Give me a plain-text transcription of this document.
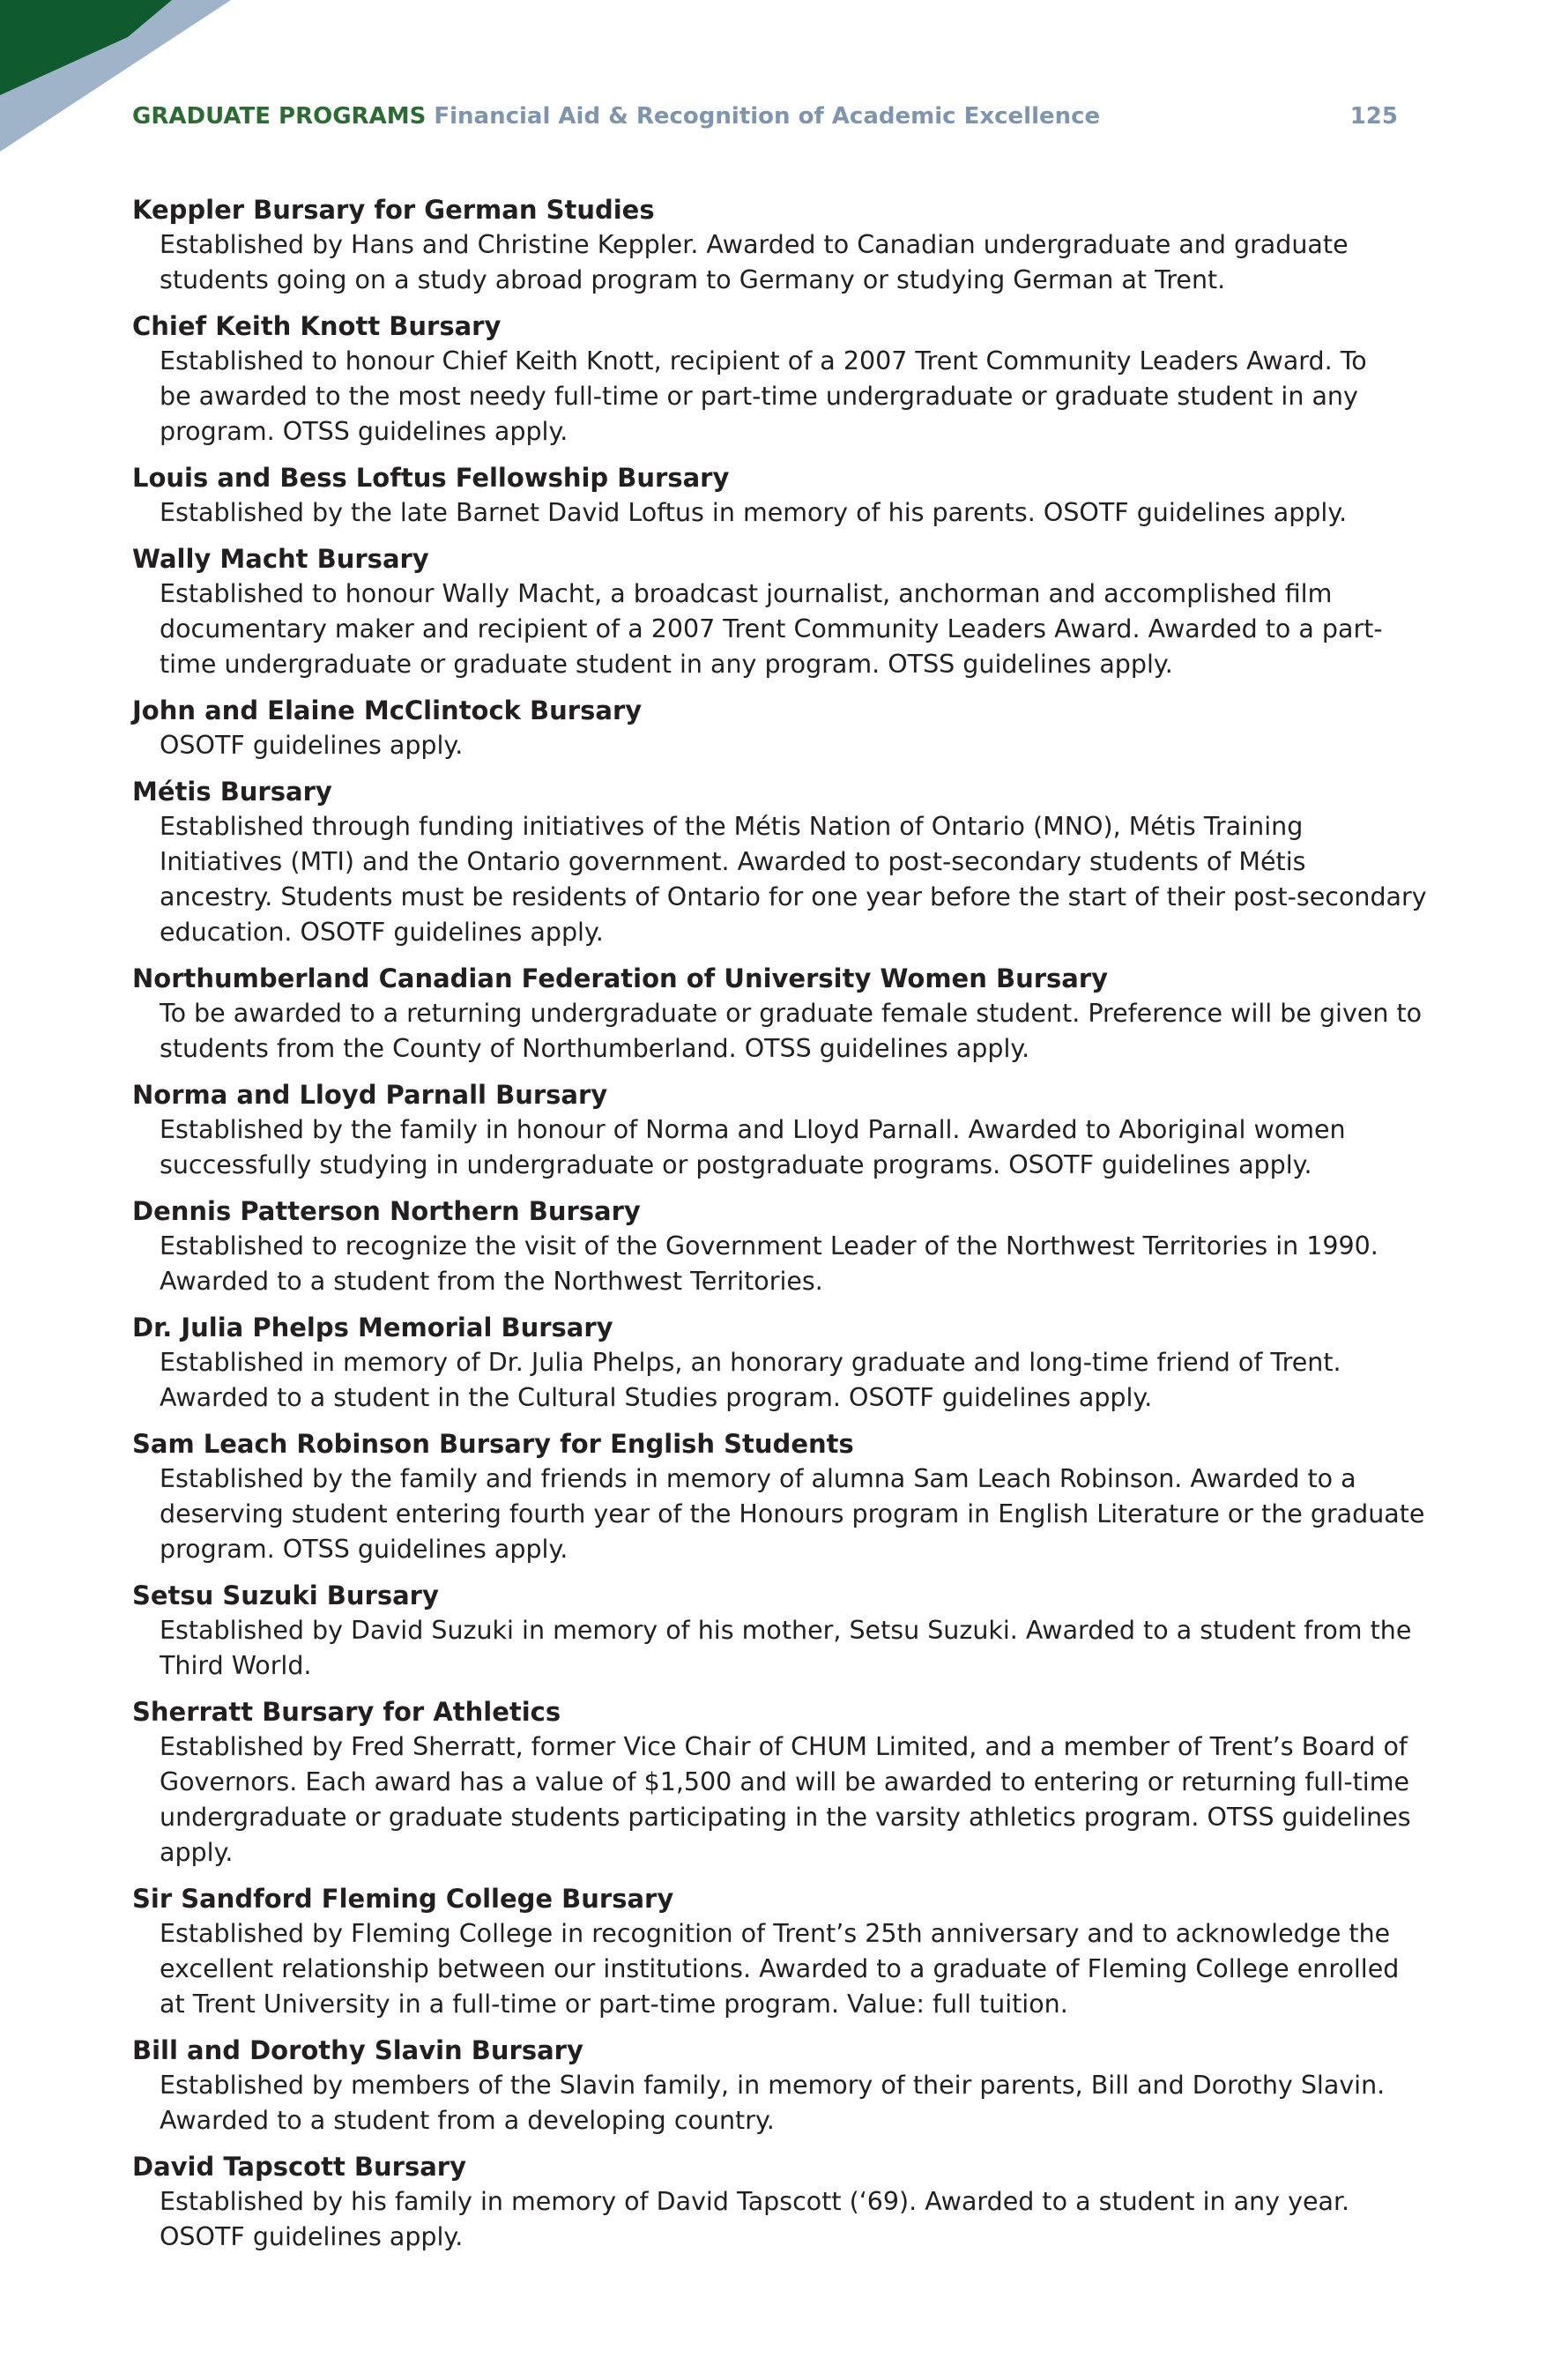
GRADUATE PROGRAMS Financial Aid & Recognition of Academic Excellence	125
Keppler Bursary for German Studies
Established by Hans and Christine Keppler. Awarded to Canadian undergraduate and graduate
students going on a study abroad program to Germany or studying German at Trent.
Chief Keith Knott Bursary
Established to honour Chief Keith Knott, recipient of a 2007 Trent Community Leaders Award. To
be awarded to the most needy full-time or part-time undergraduate or graduate student in any
program. OTSS guidelines apply.
Louis and Bess Loftus Fellowship Bursary
Established by the late Barnet David Loftus in memory of his parents. OSOTF guidelines apply.
Wally Macht Bursary
Established to honour Wally Macht, a broadcast journalist, anchorman and accomplished film
documentary maker and recipient of a 2007 Trent Community Leaders Award. Awarded to a part-
time undergraduate or graduate student in any program. OTSS guidelines apply.
John and Elaine McClintock Bursary
OSOTF guidelines apply.
Métis Bursary
Established through funding initiatives of the Métis Nation of Ontario (MNO), Métis Training
Initiatives (MTI) and the Ontario government. Awarded to post-secondary students of Métis
ancestry. Students must be residents of Ontario for one year before the start of their post-secondary
education. OSOTF guidelines apply.
Northumberland Canadian Federation of University Women Bursary
To be awarded to a returning undergraduate or graduate female student. Preference will be given to
students from the County of Northumberland. OTSS guidelines apply.
Norma and Lloyd Parnall Bursary
Established by the family in honour of Norma and Lloyd Parnall. Awarded to Aboriginal women
successfully studying in undergraduate or postgraduate programs. OSOTF guidelines apply.
Dennis Patterson Northern Bursary
Established to recognize the visit of the Government Leader of the Northwest Territories in 1990.
Awarded to a student from the Northwest Territories.
Dr. Julia Phelps Memorial Bursary
Established in memory of Dr. Julia Phelps, an honorary graduate and long-time friend of Trent.
Awarded to a student in the Cultural Studies program. OSOTF guidelines apply.
Sam Leach Robinson Bursary for English Students
Established by the family and friends in memory of alumna Sam Leach Robinson. Awarded to a
deserving student entering fourth year of the Honours program in English Literature or the graduate
program. OTSS guidelines apply.
Setsu Suzuki Bursary
Established by David Suzuki in memory of his mother, Setsu Suzuki. Awarded to a student from the
Third World.
Sherratt Bursary for Athletics
Established by Fred Sherratt, former Vice Chair of CHUM Limited, and a member of Trent’s Board of
Governors. Each award has a value of $1,500 and will be awarded to entering or returning full-time
undergraduate or graduate students participating in the varsity athletics program. OTSS guidelines
apply.
Sir Sandford Fleming College Bursary
Established by Fleming College in recognition of Trent’s 25th anniversary and to acknowledge the
excellent relationship between our institutions. Awarded to a graduate of Fleming College enrolled
at Trent University in a full-time or part-time program. Value: full tuition.
Bill and Dorothy Slavin Bursary
Established by members of the Slavin family, in memory of their parents, Bill and Dorothy Slavin.
Awarded to a student from a developing country.
David Tapscott Bursary
Established by his family in memory of David Tapscott (‘69). Awarded to a student in any year.
OSOTF guidelines apply.
